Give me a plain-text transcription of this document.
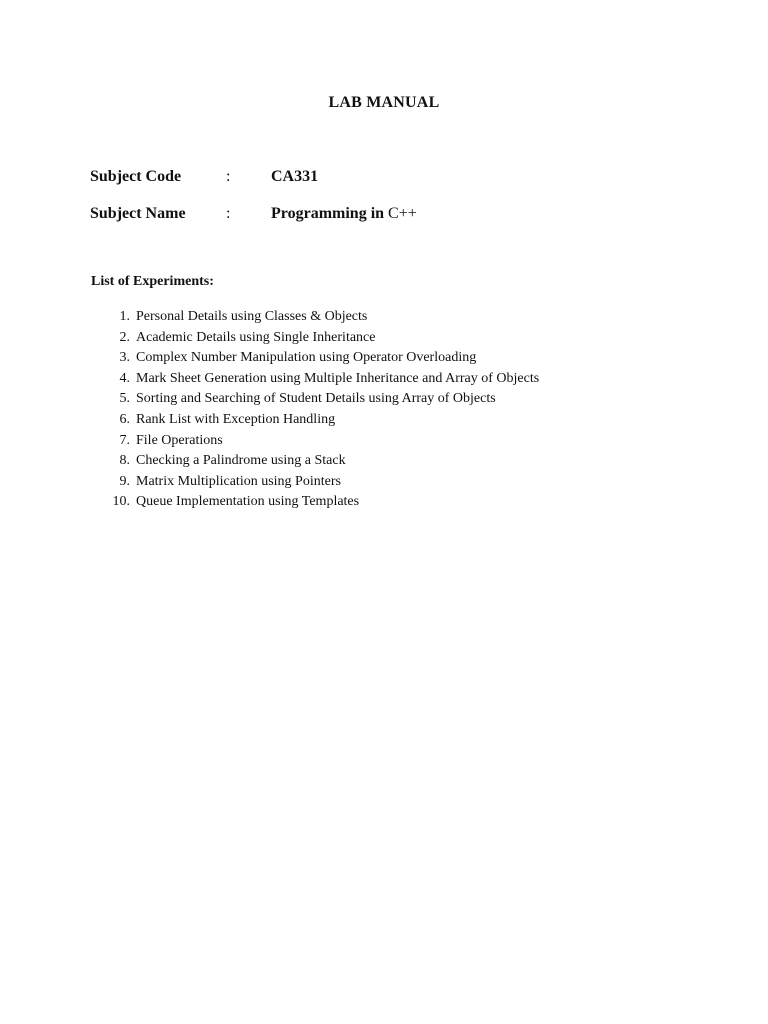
LAB MANUAL
Subject Code	:	CA331
Subject Name	:	Programming in C++
List of Experiments:
1. Personal Details using Classes & Objects
2. Academic Details using Single Inheritance
3. Complex Number Manipulation using Operator Overloading
4. Mark Sheet Generation using Multiple Inheritance and Array of Objects
5. Sorting and Searching of Student Details using Array of Objects
6. Rank List with Exception Handling
7. File Operations
8. Checking a Palindrome using a Stack
9. Matrix Multiplication using Pointers
10. Queue Implementation using Templates
